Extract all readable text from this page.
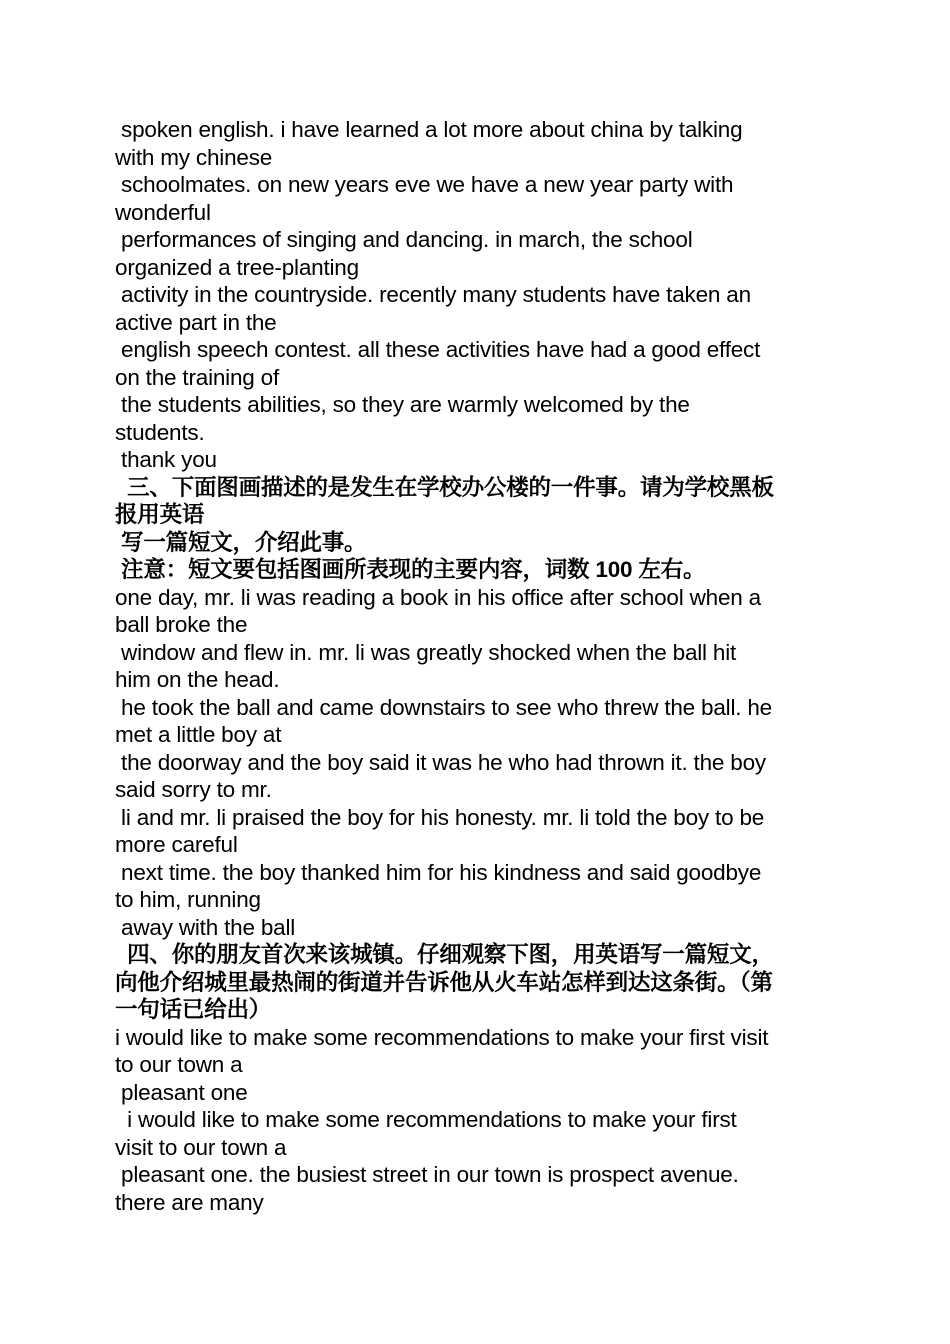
spoken english. i have learned a lot more about china by talking
with my chinese
schoolmates. on new years eve we have a new year party with
wonderful
performances of singing and dancing. in march, the school
organized a tree-planting
activity in the countryside. recently many students have taken an
active part in the
english speech contest. all these activities have had a good effect
on the training of
the students abilities, so they are warmly welcomed by the
students.
thank you
三、下面图画描述的是发生在学校办公楼的一件事。请为学校黑板
报用英语
写一篇短文，介绍此事。
注意：短文要包括图画所表现的主要内容，词数 100 左右。
one day, mr. li was reading a book in his office after school when a
ball broke the
window and flew in. mr. li was greatly shocked when the ball hit
him on the head.
he took the ball and came downstairs to see who threw the ball. he
met a little boy at
the doorway and the boy said it was he who had thrown it. the boy
said sorry to mr.
li and mr. li praised the boy for his honesty. mr. li told the boy to be
more careful
next time. the boy thanked him for his kindness and said goodbye
to him, running
away with the ball
四、你的朋友首次来该城镇。仔细观察下图，用英语写一篇短文，
向他介绍城里最热闹的街道并告诉他从火车站怎样到达这条街。（第
一句话已给出）
i would like to make some recommendations to make your first visit
to our town a
pleasant one
i would like to make some recommendations to make your first
visit to our town a
pleasant one. the busiest street in our town is prospect avenue.
there are many
